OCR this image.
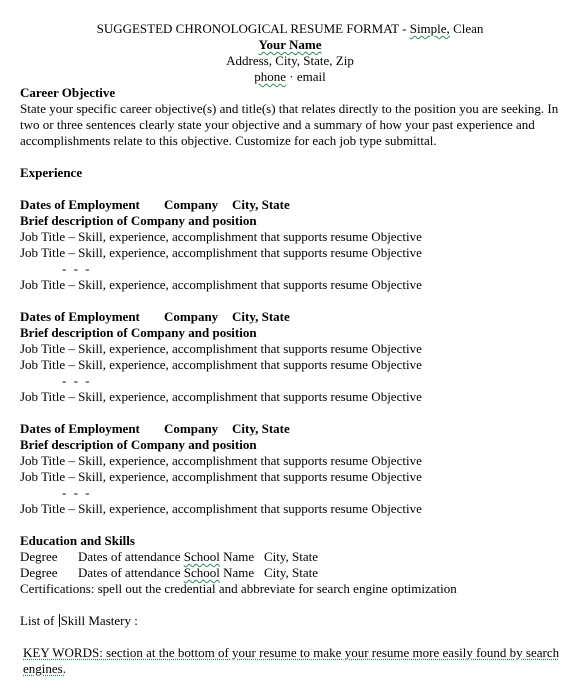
SUGGESTED CHRONOLOGICAL RESUME FORMAT - Simple, Clean
Your Name
Address, City, State, Zip
phone · email
Career Objective
State your specific career objective(s) and title(s) that relates directly to the position you are seeking. In two or three sentences clearly state your objective and a summary of how your past experience and accomplishments relate to this objective. Customize for each job type submittal.
Experience
Dates of Employment Company City, State
Brief description of Company and position
Job Title – Skill, experience, accomplishment that supports resume Objective
Job Title – Skill, experience, accomplishment that supports resume Objective
- - -
Job Title – Skill, experience, accomplishment that supports resume Objective
Dates of Employment Company City, State
Brief description of Company and position
Job Title – Skill, experience, accomplishment that supports resume Objective
Job Title – Skill, experience, accomplishment that supports resume Objective
- - -
Job Title – Skill, experience, accomplishment that supports resume Objective
Dates of Employment Company City, State
Brief description of Company and position
Job Title – Skill, experience, accomplishment that supports resume Objective
Job Title – Skill, experience, accomplishment that supports resume Objective
- - -
Job Title – Skill, experience, accomplishment that supports resume Objective
Education and Skills
Degree Dates of attendance School Name City, State
Degree Dates of attendance School Name City, State
Certifications: spell out the credential and abbreviate for search engine optimization
List of Skill Mastery :
KEY WORDS: section at the bottom of your resume to make your resume more easily found by search engines.
